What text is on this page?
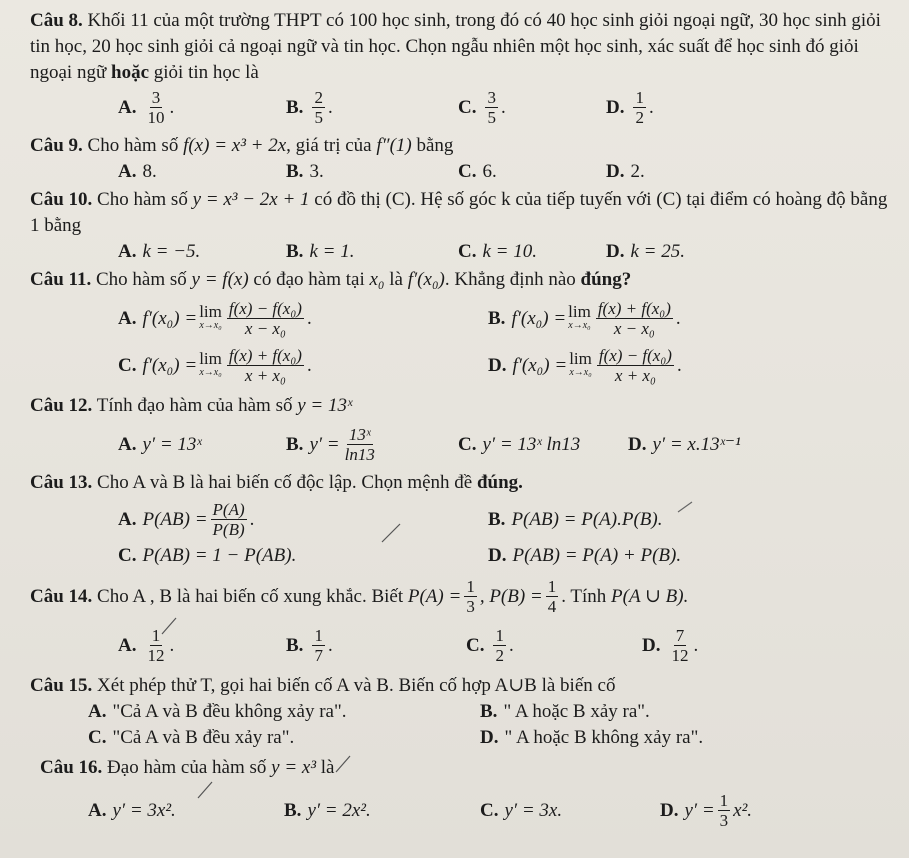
Câu 8. Khối 11 của một trường THPT có 100 học sinh, trong đó có 40 học sinh giỏi ngoại ngữ, 30 học sinh giỏi tin học, 20 học sinh giỏi cả ngoại ngữ và tin học. Chọn ngẫu nhiên một học sinh, xác suất để học sinh đó giỏi ngoại ngữ hoặc giỏi tin học là
A. $\frac{3}{10}$ .	B. $\frac{2}{5}$ .	C. $\frac{3}{5}$ .	D. $\frac{1}{2}$ .
Câu 9. Cho hàm số f(x) = x³ + 2x, giá trị của f″(1) bằng
A. 8.	B. 3.	C. 6.	D. 2.
Câu 10. Cho hàm số y = x³ − 2x + 1 có đồ thị (C). Hệ số góc k của tiếp tuyến với (C) tại điểm có hoàng độ bằng 1 bằng
A. k = −5.	B. k = 1.	C. k = 10.	D. k = 25.
Câu 11. Cho hàm số y = f(x) có đạo hàm tại x₀ là f′(x₀). Khẳng định nào đúng?
A. f′(x₀) = lim
$x\to x_0 \frac{\text{f(x) − f(x₀)}}{\text{x − x₀}}$ .	B. f′(x₀) = lim
$x\to x_0 \frac{\text{f(x) + f(x₀)}}{\text{x − x₀}}$ .
C. f′(x₀) = lim
$x\to x_0 \frac{\text{f(x) + f(x₀)}}{\text{x + x₀}}$ .	D. f′(x₀) = lim
$x\to x_0 \frac{\text{f(x) − f(x₀)}}{\text{x + x₀}}$ .
Câu 12. Tính đạo hàm của hàm số y = 13ˣ
A. y′ = 13ˣ	B. $y' = \frac{\text{13ˣ}}{\ln 13}$	C. y′ = 13ˣ ln13	D. y′ = x.13ˣ⁻¹
Câu 13. Cho A và B là hai biến cố độc lập. Chọn mệnh đề đúng.
A. $P(AB) = \frac{P(A)}{P(B)}$ .	B. P(AB) = P(A).P(B).
C. P(AB) = 1 − P(AB).	D. P(AB) = P(A) + P(B).
Câu 14.
Cho A , B là hai biến cố xung khắc. Biết
$P(A) = \frac{1}{3}$ , $P(B) = \frac{1}{4}$ . Tính
P(A ∪ B).
A. $\frac{1}{12}$ .	B. $\frac{1}{7}$ .	C. $\frac{1}{2}$ .	D. $\frac{7}{12}$ .
Câu 15. Xét phép thử T, gọi hai biến cố A và B. Biến cố hợp A∪B là biến cố
A. "Cả A và B đều không xảy ra".	B. " A hoặc B xảy ra".
C. "Cả A và B đều xảy ra".	D. " A hoặc B không xảy ra".
Câu 16. Đạo hàm của hàm số y = x³ là
A. y′ = 3x².	B. y′ = 2x².	C. y′ = 3x.	D. $y' = \frac{1}{3} x^2$.
